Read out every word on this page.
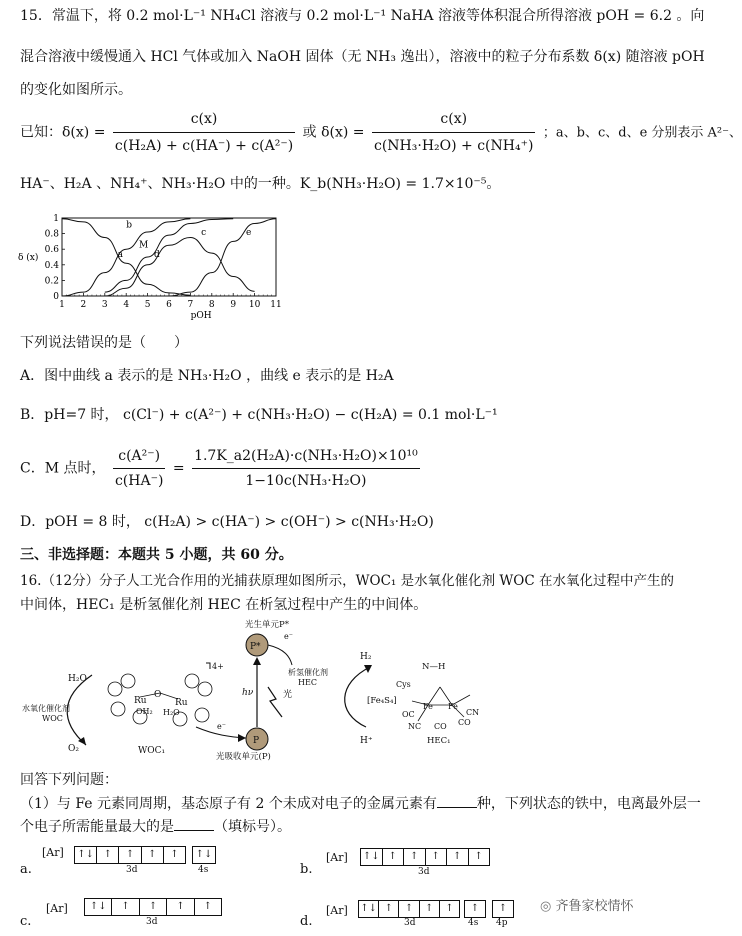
15．常温下，将 0.2 mol·L⁻¹ NH₄Cl 溶液与 0.2 mol·L⁻¹ NaHA 溶液等体积混合所得溶液 pOH = 6.2 。向
混合溶液中缓慢通入 HCl 气体或加入 NaOH 固体（无 NH₃ 逸出），溶液中的粒子分布系数 δ(x) 随溶液 pOH
的变化如图所示。
已知：$\delta(x) = \frac{c(x)}{\text{c(H₂A) + c(HA⁻) + c(A²⁻)}}$ 或 $\delta(x) = \frac{c(x)}{\text{c(NH₃·H₂O) + c(NH₄⁺)}}$ ；a、b、c、d、e 分别表示 A²⁻、
HA⁻、H₂A 、NH₄⁺、NH₃·H₂O 中的一种。K_b(NH₃·H₂O) = 1.7×10⁻⁵。
1 2 3 4 5 6 7 8 9 10 11
0
0.2
0.4
0.6
0.8
1
δ (x)
pOH
a
b
M
d
c	e
下列说法错误的是（　　）
A．图中曲线 a 表示的是 NH₃·H₂O ，曲线 e 表示的是 H₂A
B．pH=7 时， c(Cl⁻) + c(A²⁻) + c(NH₃·H₂O) − c(H₂A) = 0.1 mol·L⁻¹
C．M 点时， $\frac{\text{c(A²⁻)}}{c(HA^-)} = \frac{\text{1.7K\_a2(H₂A)·c(NH₃·H₂O)×10¹⁰}}{\text{1−10c(NH₃·H₂O)}}$
D．pOH = 8 时， c(H₂A) > c(HA⁻) > c(OH⁻) > c(NH₃·H₂O)
三、非选择题：本题共 5 小题，共 60 分。
16.（12分）分子人工光合作用的光捕获原理如图所示，WOC₁ 是水氧化催化剂 WOC 在水氧化过程中产生的
中间体，HEC₁ 是析氢催化剂 HEC 在析氢过程中产生的中间体。
H₂O
水氧化催化剂
WOC
O₂
Ru	Ru
O
OH₂ H₂O
4+
WOC₁
光生单元P*
P*
e⁻
P
hν	光
e⁻
光吸收单元(P)
析氢催化剂
HEC
H₂
H⁺
[Fe₄S₄]
Cys
N—H
Fe Fe
CN
CO
OC
NC CO
HEC₁
回答下列问题：
（1）与 Fe 元素同周期，基态原子有 2 个未成对电子的金属元素有	种，下列状态的铁中，电离最外层一
个电子所需能量最大的是	（填标号）。
a.
[Ar] ↑↓ ↑	↑	↑	↑
3d
↑↓
4s	b.
[Ar] ↑↓ ↑	↑	↑	↑	↑
3d
c.
[Ar]	↑↓	↑	↑	↑	↑
3d	d.
[Ar] ↑↓ ↑	↑	↑	↑
3d
↑
4s
↑
4p
◎ 齐鲁家校情怀
